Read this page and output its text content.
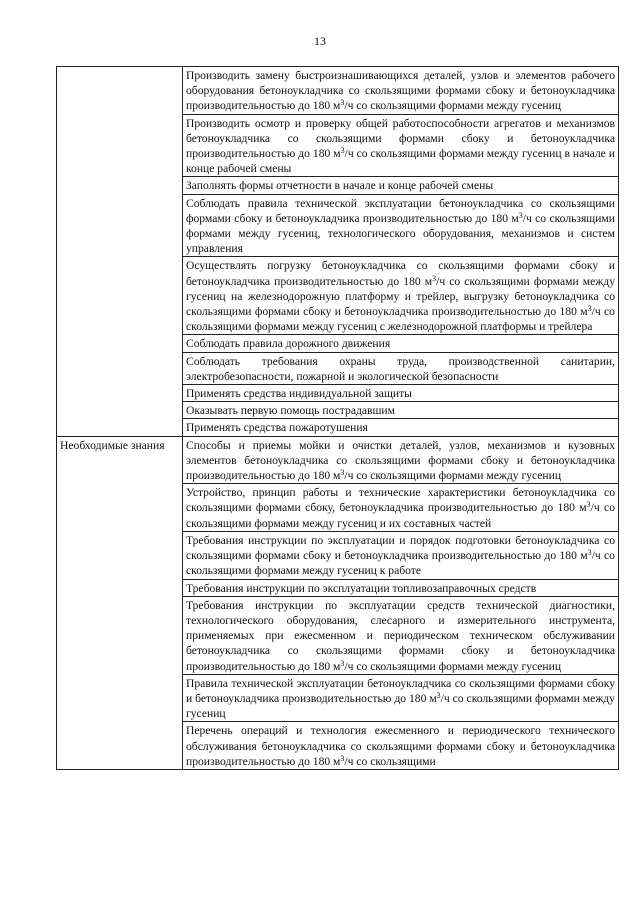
13
	Производить замену быстроизнашивающихся деталей, узлов и элементов рабочего оборудования бетоноукладчика со скользящими формами сбоку и бетоноукладчика производительностью до 180 $м^3/ч$ со скользящими формами между гусениц
	Производить осмотр и проверку общей работоспособности агрегатов и механизмов бетоноукладчика со скользящими формами сбоку и бетоноукладчика производительностью до 180 $м^3/ч$ со скользящими формами между гусениц в начале и конце рабочей смены
	Заполнять формы отчетности в начале и конце рабочей смены
	Соблюдать правила технической эксплуатации бетоноукладчика со скользящими формами сбоку и бетоноукладчика производительностью до 180 $м^3/ч$ со скользящими формами между гусениц, технологического оборудования, механизмов и систем управления
	Осуществлять погрузку бетоноукладчика со скользящими формами сбоку и бетоноукладчика производительностью до 180 $м^3/ч$ со скользящими формами между гусениц на железнодорожную платформу и трейлер, выгрузку бетоноукладчика со скользящими формами сбоку и бетоноукладчика производительностью до 180 $м^3/ч$ со скользящими формами между гусениц с железнодорожной платформы и трейлера
	Соблюдать правила дорожного движения
	Соблюдать требования охраны труда, производственной санитарии, электробезопасности, пожарной и экологической безопасности
	Применять средства индивидуальной защиты
	Оказывать первую помощь пострадавшим
	Применять средства пожаротушения
Необходимые знания	Способы и приемы мойки и очистки деталей, узлов, механизмов и кузовных элементов бетоноукладчика со скользящими формами сбоку и бетоноукладчика производительностью до 180 $м^3/ч$ со скользящими формами между гусениц
	Устройство, принцип работы и технические характеристики бетоноукладчика со скользящими формами сбоку, бетоноукладчика производительностью до 180 $м^3/ч$ со скользящими формами между гусениц и их составных частей
	Требования инструкции по эксплуатации и порядок подготовки бетоноукладчика со скользящими формами сбоку и бетоноукладчика производительностью до 180 $м^3/ч$ со скользящими формами между гусениц к работе
	Требования инструкции по эксплуатации топливозаправочных средств
	Требования инструкции по эксплуатации средств технической диагностики, технологического оборудования, слесарного и измерительного инструмента, применяемых при ежесменном и периодическом техническом обслуживании бетоноукладчика со скользящими формами сбоку и бетоноукладчика производительностью до 180 $м^3/ч$ со скользящими формами между гусениц
	Правила технической эксплуатации бетоноукладчика со скользящими формами сбоку и бетоноукладчика производительностью до 180 $м^3/ч$ со скользящими формами между гусениц
	Перечень операций и технология ежесменного и периодического технического обслуживания бетоноукладчика со скользящими формами сбоку и бетоноукладчика производительностью до 180 $м^3/ч$ со скользящими
